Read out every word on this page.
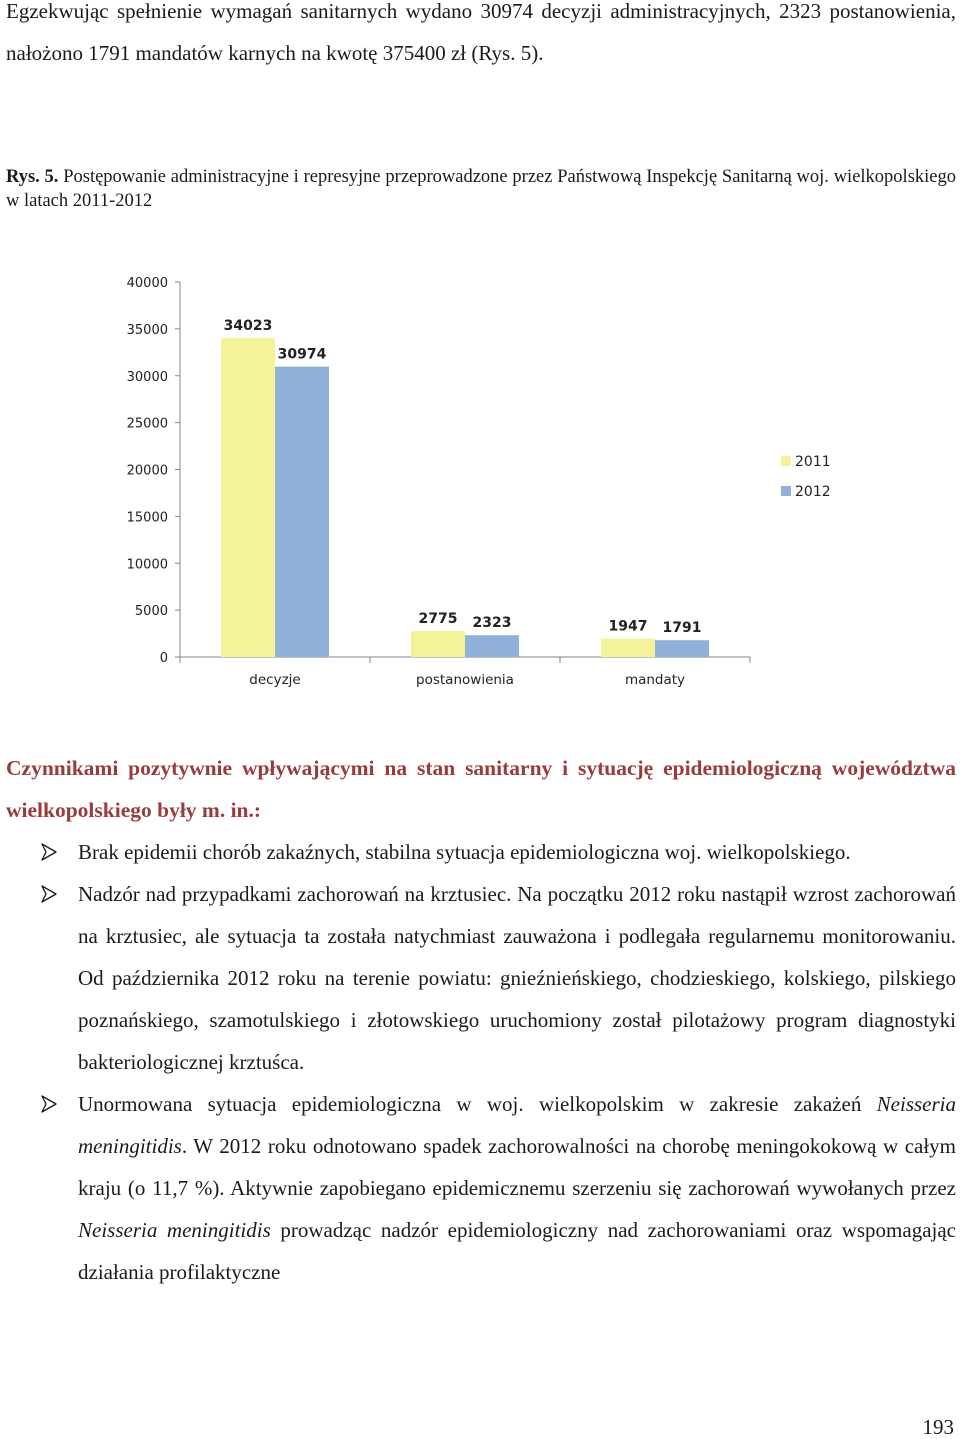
Egzekwując spełnienie wymagań sanitarnych wydano 30974 decyzji administracyjnych, 2323 postanowienia, nałożono 1791 mandatów karnych na kwotę 375400 zł (Rys. 5).

Rys. 5. Postępowanie administracyjne i represyjne przeprowadzone przez Państwową Inspekcję Sanitarną woj. wielkopolskiego w latach 2011-2012

0
5000
10000
15000
20000
25000
30000
35000
40000
34023
30974
decyzje
2775 2323
postanowienia
1947 1791
mandaty
2011
2012
Czynnikami pozytywnie wpływającymi na stan sanitarny i sytuację epidemiologiczną województwa wielkopolskiego były m. in.:
Brak epidemii chorób zakaźnych, stabilna sytuacja epidemiologiczna woj. wielkopolskiego.
Nadzór nad przypadkami zachorowań na krztusiec. Na początku 2012 roku nastąpił wzrost zachorowań na krztusiec, ale sytuacja ta została natychmiast zauważona i podlegała regularnemu monitorowaniu. Od października 2012 roku na terenie powiatu: gnieźnieńskiego, chodzieskiego, kolskiego, pilskiego poznańskiego, szamotulskiego i złotowskiego uruchomiony został pilotażowy program diagnostyki bakteriologicznej krztuśca.
Unormowana sytuacja epidemiologiczna w woj. wielkopolskim w zakresie zakażeń Neisseria meningitidis. W 2012 roku odnotowano spadek zachorowalności na chorobę meningokokową w całym kraju (o 11,7 %). Aktywnie zapobiegano epidemicznemu szerzeniu się zachorowań wywołanych przez Neisseria meningitidis prowadząc nadzór epidemiologiczny nad zachorowaniami oraz wspomagając działania profilaktyczne
193
